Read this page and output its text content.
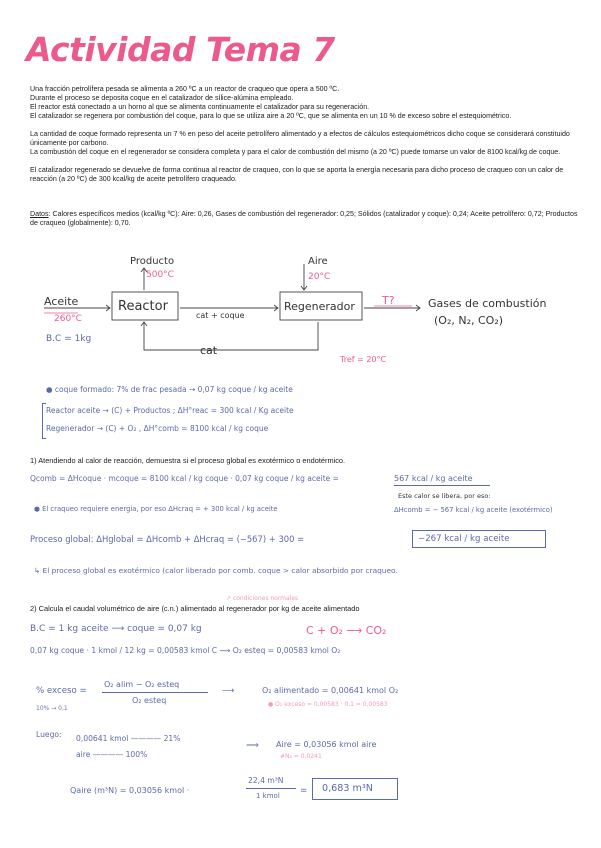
Actividad Tema 7
Una fracción petrolífera pesada se alimenta a 260 ºC a un reactor de craqueo que opera a 500 ºC.
Durante el proceso se deposita coque en el catalizador de sílice-alúmina empleado.
El reactor está conectado a un horno al que se alimenta continuamente el catalizador para su regeneración.
El catalizador se regenera por combustión del coque, para lo que se utiliza aire a 20 ºC, que se alimenta en un 10 % de exceso sobre el estequiométrico.
La cantidad de coque formado representa un 7 % en peso del aceite petrolífero alimentado y a efectos de cálculos estequiométricos dicho coque se considerará constituido únicamente por carbono.
La combustión del coque en el regenerador se considera completa y para el calor de combustión del mismo (a 20 ºC) puede tomarse un valor de 8100 kcal/kg de coque.
El catalizador regenerado se devuelve de forma continua al reactor de craqueo, con lo que se aporta la energía necesaria para dicho proceso de craqueo con un calor de reacción (a 20 ºC) de 300 kcal/kg de aceite petrolífero craqueado.
Datos: Calores específicos medios (kcal/kg ºC): Aire: 0,26, Gases de combustión del regenerador: 0,25; Sólidos (catalizador y coque): 0,24; Aceite petrolífero: 0,72; Productos de craqueo (globalmente): 0,70.
Producto
500°C
Aire
20°C
Aceite
260°C
Reactor	Regenerador
cat + coque
T?	Gases de combustión
(O₂, N₂, CO₂)
B.C = 1kg
cat
Tref = 20°C
● coque formado: 7% de frac pesada → 0,07 kg coque / kg aceite
Reactor aceite → (C) + Productos ; ΔH°reac = 300 kcal / Kg aceite
Regenerador → (C) + O₂ , ΔH°comb = 8100 kcal / kg coque
1) Atendiendo al calor de reacción, demuestra si el proceso global es exotérmico o endotérmico.
Qcomb = ΔHcoque · mcoque = 8100 kcal / kg coque · 0,07 kg coque / kg aceite =	567 kcal / kg aceite
Este calor se libera, por eso:
● El craqueo requiere energía, por eso ΔHcraq = + 300 kcal / kg aceite	ΔHcomb = − 567 kcal / kg aceite (exotérmico)
Proceso global: ΔHglobal = ΔHcomb + ΔHcraq = (−567) + 300 =	−267 kcal / kg aceite
↳ El proceso global es exotérmico (calor liberado por comb. coque > calor absorbido por craqueo.
↗ condiciones normales
2) Calcula el caudal volumétrico de aire (c.n.) alimentado al regenerador por kg de aceite alimentado
B.C = 1 kg aceite ⟶ coque = 0,07 kg	C + O₂ ⟶ CO₂
0,07 kg coque · 1 kmol / 12 kg = 0,00583 kmol C ⟿ O₂ esteq = 0,00583 kmol O₂
% exceso =
O₂ alim − O₂ esteq
O₂ esteq
10% → 0,1
⟶	O₂ alimentado = 0,00641 kmol O₂
● O₂ exceso = 0,00583 · 0,1 = 0,00583
Luego: 0,00641 kmol ———— 21%
aire ———— 100%
⟹ Aire = 0,03056 kmol aire
#N₂ = 0,0241
Qaire (m³N) = 0,03056 kmol ·
22,4 m³N
1 kmol = 0,683 m³N
